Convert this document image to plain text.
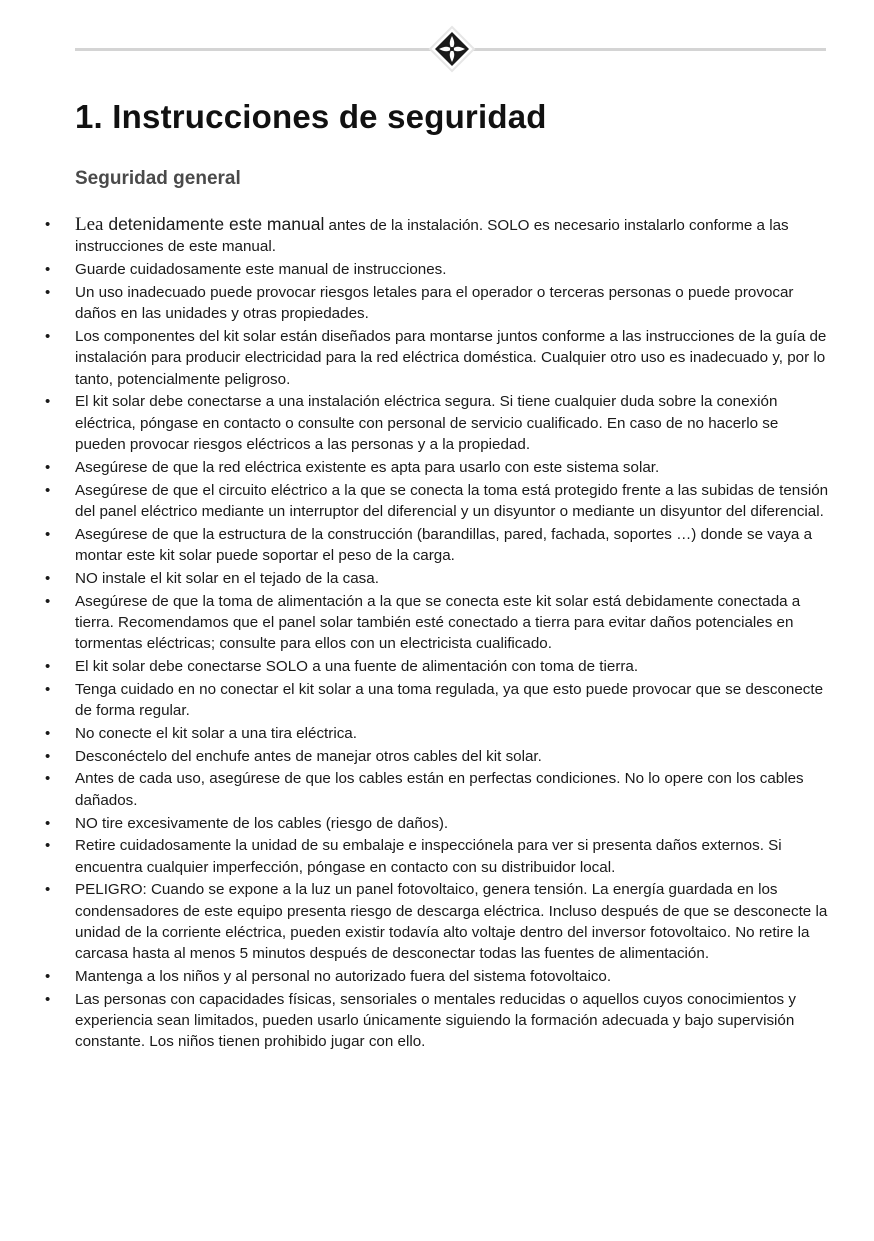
1. Instrucciones de seguridad
Seguridad general
• Lea detenidamente este manual antes de la instalación. SOLO es necesario instalarlo conforme a las instrucciones de este manual.
• Guarde cuidadosamente este manual de instrucciones.
• Un uso inadecuado puede provocar riesgos letales para el operador o terceras personas o puede provocar daños en las unidades y otras propiedades.
• Los componentes del kit solar están diseñados para montarse juntos conforme a las instrucciones de la guía de instalación para producir electricidad para la red eléctrica doméstica. Cualquier otro uso es inadecuado y, por lo tanto, potencialmente peligroso.
• El kit solar debe conectarse a una instalación eléctrica segura. Si tiene cualquier duda sobre la conexión eléctrica, póngase en contacto o consulte con personal de servicio cualificado. En caso de no hacerlo se pueden provocar riesgos eléctricos a las personas y a la propiedad.
• Asegúrese de que la red eléctrica existente es apta para usarlo con este sistema solar.
• Asegúrese de que el circuito eléctrico a la que se conecta la toma está protegido frente a las subidas de tensión del panel eléctrico mediante un interruptor del diferencial y un disyuntor o mediante un disyuntor del diferencial.
• Asegúrese de que la estructura de la construcción (barandillas, pared, fachada, soportes …) donde se vaya a montar este kit solar puede soportar el peso de la carga.
• NO instale el kit solar en el tejado de la casa.
• Asegúrese de que la toma de alimentación a la que se conecta este kit solar está debidamente conectada a tierra. Recomendamos que el panel solar también esté conectado a tierra para evitar daños potenciales en tormentas eléctricas; consulte para ellos con un electricista cualificado.
• El kit solar debe conectarse SOLO a una fuente de alimentación con toma de tierra.
• Tenga cuidado en no conectar el kit solar a una toma regulada, ya que esto puede provocar que se desconecte de forma regular.
• No conecte el kit solar a una tira eléctrica.
• Desconéctelo del enchufe antes de manejar otros cables del kit solar.
• Antes de cada uso, asegúrese de que los cables están en perfectas condiciones. No lo opere con los cables dañados.
• NO tire excesivamente de los cables (riesgo de daños).
• Retire cuidadosamente la unidad de su embalaje e inspecciónela para ver si presenta daños externos. Si encuentra cualquier imperfección, póngase en contacto con su distribuidor local.
• PELIGRO: Cuando se expone a la luz un panel fotovoltaico, genera tensión. La energía guardada en los condensadores de este equipo presenta riesgo de descarga eléctrica. Incluso después de que se desconecte la unidad de la corriente eléctrica, pueden existir todavía alto voltaje dentro del inversor fotovoltaico. No retire la carcasa hasta al menos 5 minutos después de desconectar todas las fuentes de alimentación.
• Mantenga a los niños y al personal no autorizado fuera del sistema fotovoltaico.
• Las personas con capacidades físicas, sensoriales o mentales reducidas o aquellos cuyos conocimientos y experiencia sean limitados, pueden usarlo únicamente siguiendo la formación adecuada y bajo supervisión constante. Los niños tienen prohibido jugar con ello.
